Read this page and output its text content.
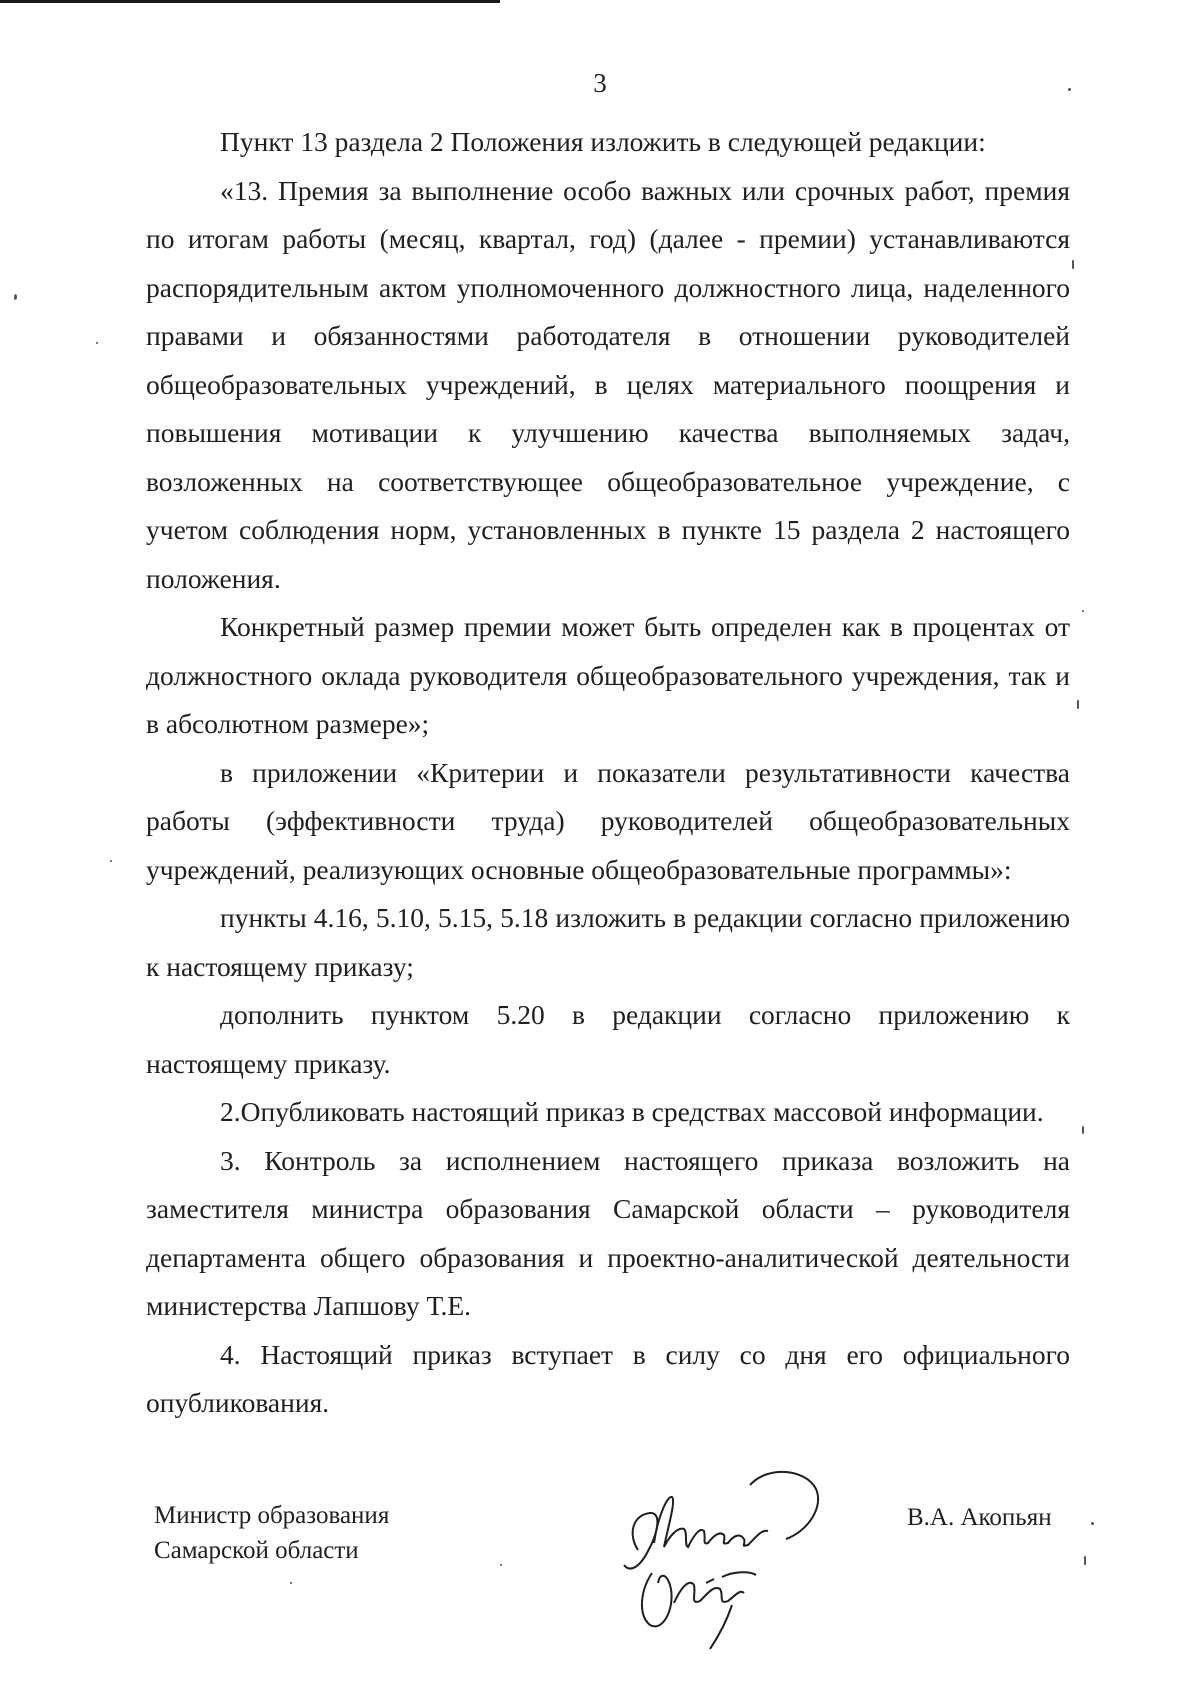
3

Пункт 13 раздела 2 Положения изложить в следующей редакции:

«13. Премия за выполнение особо важных или срочных работ, премия по итогам работы (месяц, квартал, год) (далее - премии) устанавливаются распорядительным актом уполномоченного должностного лица, наделенного правами и обязанностями работодателя в отношении руководителей общеобразовательных учреждений, в целях материального поощрения и повышения мотивации к улучшению качества выполняемых задач, возложенных на соответствующее общеобразовательное учреждение, с учетом соблюдения норм, установленных в пункте 15 раздела 2 настоящего положения.

Конкретный размер премии может быть определен как в процентах от должностного оклада руководителя общеобразовательного учреждения, так и в абсолютном размере»;

в приложении «Критерии и показатели результативности качества работы (эффективности труда) руководителей общеобразовательных учреждений, реализующих основные общеобразовательные программы»:

пункты 4.16, 5.10, 5.15, 5.18 изложить в редакции согласно приложению к настоящему приказу;

дополнить пунктом 5.20 в редакции согласно приложению к настоящему приказу.

2.Опубликовать настоящий приказ в средствах массовой информации.

3. Контроль за исполнением настоящего приказа возложить на заместителя министра образования Самарской области – руководителя департамента общего образования и проектно-аналитической деятельности министерства Лапшову Т.Е.

4. Настоящий приказ вступает в силу со дня его официального опубликования.

Министр образования
Самарской области
В.А. Акопьян
